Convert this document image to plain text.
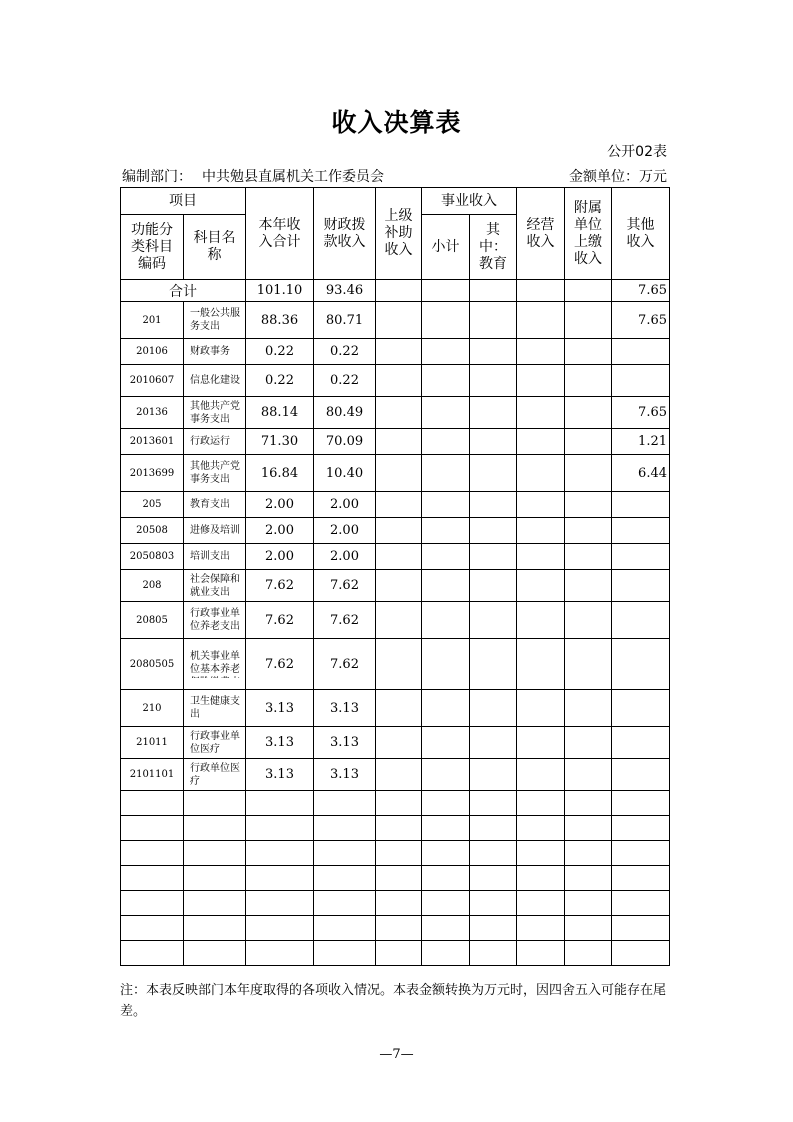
收入决算表
公开02表
编制部门： 中共勉县直属机关工作委员会	金额单位：万元
项目		本年收入合计	财政拨款收入	上级补助收入	事业收入		经营收入	附属单位上缴收入	其他收入

功能分类科目编码	科目名称				小计	其中：教育			

合计		101.10	93.46						7.65
201	一般公共服务支出	88.36	80.71						7.65
20106	财政事务	0.22	0.22						
2010607	信息化建设	0.22	0.22						
20136	其他共产党事务支出	88.14	80.49						7.65
2013601	行政运行	71.30	70.09						1.21
2013699	其他共产党事务支出	16.84	10.40						6.44
205	教育支出	2.00	2.00						
20508	进修及培训	2.00	2.00						
2050803	培训支出	2.00	2.00						
208	社会保障和就业支出	7.62	7.62						
20805	行政事业单位养老支出	7.62	7.62						
2080505	机关事业单位基本养老	7.62	7.62						
210	卫生健康支出	3.13	3.13						
21011	行政事业单位医疗	3.13	3.13						
2101101	行政单位医疗	3.13	3.13						

注：本表反映部门本年度取得的各项收入情况。本表金额转换为万元时，因四舍五入可能存在尾差。
—7—
